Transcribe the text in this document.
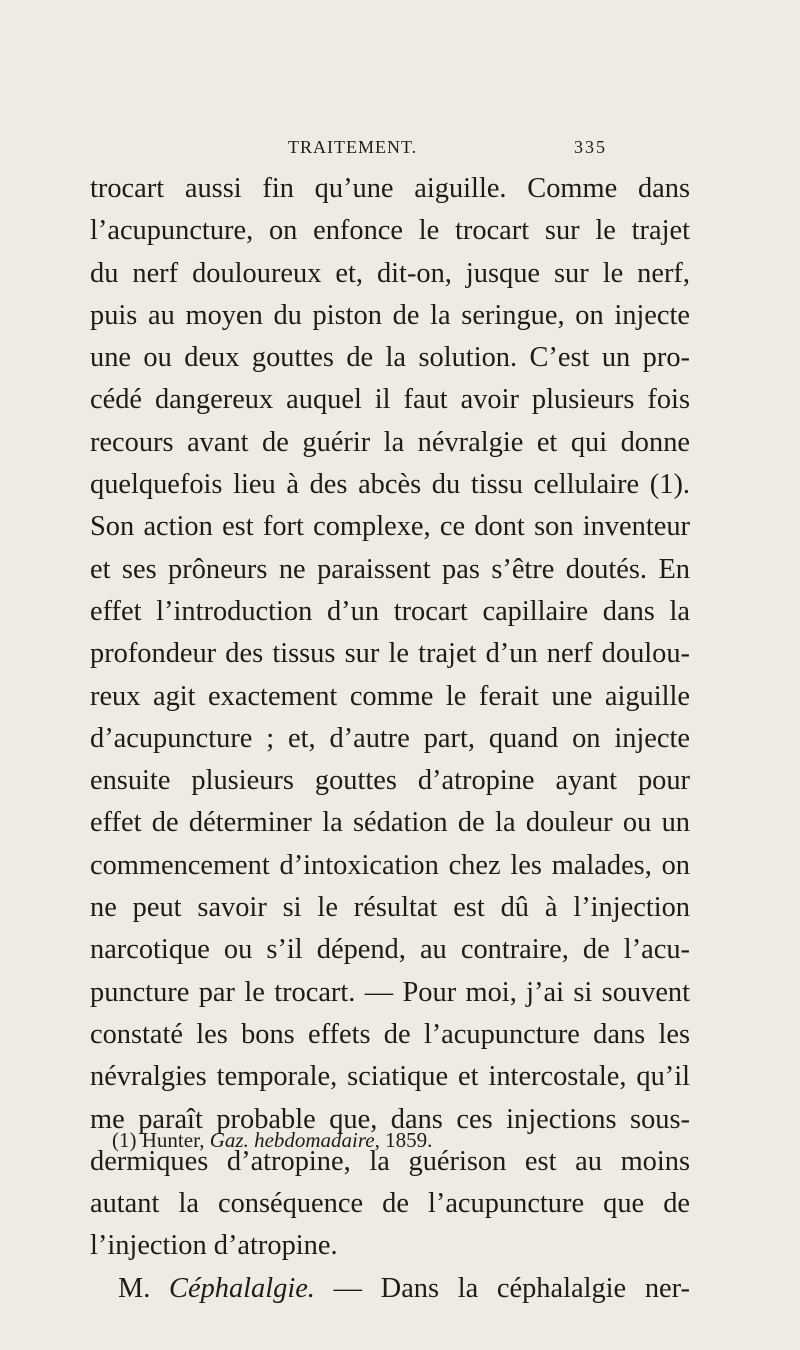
TRAITEMENT.	335
trocart aussi fin qu’une aiguille. Comme dans
l’acupuncture, on enfonce le trocart sur le trajet
du nerf douloureux et, dit-on, jusque sur le nerf,
puis au moyen du piston de la seringue, on injecte
une ou deux gouttes de la solution. C’est un pro-
cédé dangereux auquel il faut avoir plusieurs fois
recours avant de guérir la névralgie et qui donne
quelquefois lieu à des abcès du tissu cellulaire (1).
Son action est fort complexe, ce dont son inventeur
et ses prôneurs ne paraissent pas s’être doutés. En
effet l’introduction d’un trocart capillaire dans la
profondeur des tissus sur le trajet d’un nerf doulou-
reux agit exactement comme le ferait une aiguille
d’acupuncture ; et, d’autre part, quand on injecte
ensuite plusieurs gouttes d’atropine ayant pour
effet de déterminer la sédation de la douleur ou un
commencement d’intoxication chez les malades, on
ne peut savoir si le résultat est dû à l’injection
narcotique ou s’il dépend, au contraire, de l’acu-
puncture par le trocart. — Pour moi, j’ai si souvent
constaté les bons effets de l’acupuncture dans les
névralgies temporale, sciatique et intercostale, qu’il
me paraît probable que, dans ces injections sous-
dermiques d’atropine, la guérison est au moins
autant la conséquence de l’acupuncture que de
l’injection d’atropine.
M. Céphalalgie. — Dans la céphalalgie ner-
(1) Hunter, Gaz. hebdomadaire, 1859.
